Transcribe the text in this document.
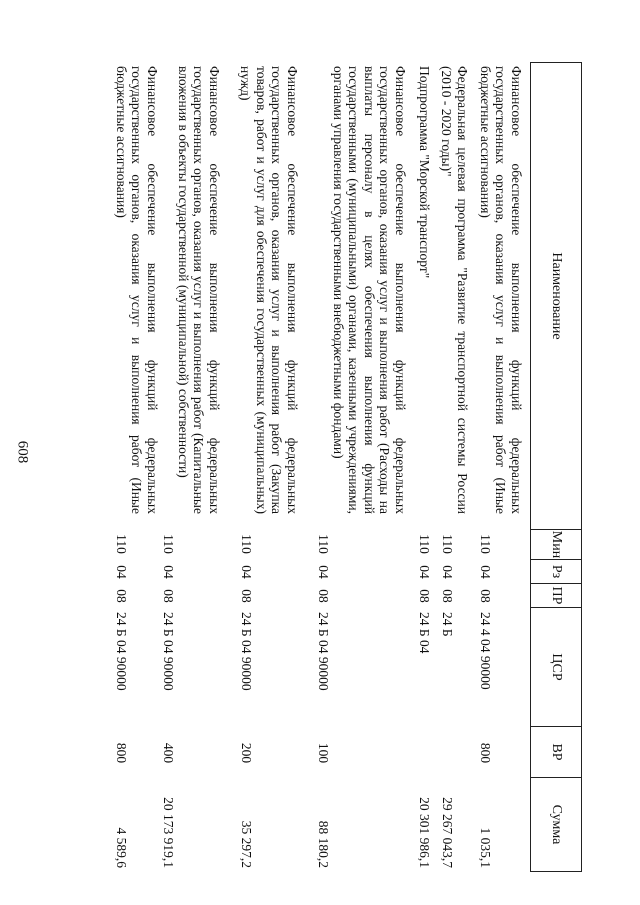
608
Наименование
Мин
Рз
ПР
ЦСР
ВР
Сумма
Финансовое обеспечение выполнения функций федеральных государственных органов, оказания услуг и выполнения работ (Иные бюджетные ассигнования)
110
04
08
24 4 04 90000
800
1 035,1
Федеральная целевая программа "Развитие транспортной системы России (2010 - 2020 годы)"
110
04
08
24 Б
29 267 043,7
Подпрограмма "Морской транспорт"
110
04
08
24 Б 04
20 301 986,1
Финансовое обеспечение выполнения функций федеральных государственных органов, оказания услуг и выполнения работ (Расходы на выплаты персоналу в целях обеспечения выполнения функций государственными (муниципальными) органами, казенными учреждениями, органами управления государственными внебюджетными фондами)
110
04
08
24 Б 04 90000
100
88 180,2
Финансовое обеспечение выполнения функций федеральных государственных органов, оказания услуг и выполнения работ (Закупка товаров, работ и услуг для обеспечения государственных (муниципальных) нужд)
110
04
08
24 Б 04 90000
200
35 297,2
Финансовое обеспечение выполнения функций федеральных государственных органов, оказания услуг и выполнения работ (Капитальные вложения в объекты государственной (муниципальной) собственности)
110
04
08
24 Б 04 90000
400
20 173 919,1
Финансовое обеспечение выполнения функций федеральных государственных органов, оказания услуг и выполнения работ (Иные бюджетные ассигнования)
110
04
08
24 Б 04 90000
800
4 589,6
